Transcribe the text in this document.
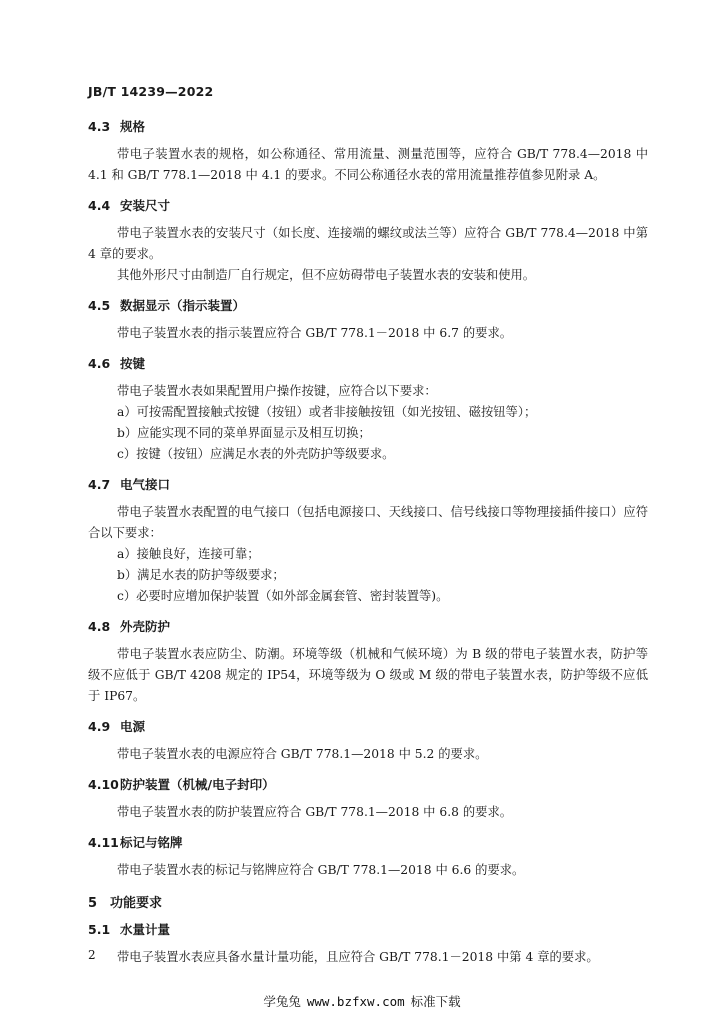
JB/T 14239—2022
4.3 规格

带电子装置水表的规格，如公称通径、常用流量、测量范围等，应符合 GB/T 778.4—2018 中 4.1 和 GB/T 778.1—2018 中 4.1 的要求。不同公称通径水表的常用流量推荐值参见附录 A。

4.4 安装尺寸

带电子装置水表的安装尺寸（如长度、连接端的螺纹或法兰等）应符合 GB/T 778.4—2018 中第 4 章的要求。

其他外形尺寸由制造厂自行规定，但不应妨碍带电子装置水表的安装和使用。

4.5 数据显示（指示装置）

带电子装置水表的指示装置应符合 GB/T 778.1－2018 中 6.7 的要求。

4.6 按键

带电子装置水表如果配置用户操作按键，应符合以下要求：

a）可按需配置接触式按键（按钮）或者非接触按钮（如光按钮、磁按钮等）；
b）应能实现不同的菜单界面显示及相互切换；
c）按键（按钮）应满足水表的外壳防护等级要求。
4.7 电气接口

带电子装置水表配置的电气接口（包括电源接口、天线接口、信号线接口等物理接插件接口）应符合以下要求：

a）接触良好，连接可靠；
b）满足水表的防护等级要求；
c）必要时应增加保护装置（如外部金属套管、密封装置等)。
4.8 外壳防护

带电子装置水表应防尘、防潮。环境等级（机械和气候环境）为 B 级的带电子装置水表，防护等级不应低于 GB/T 4208 规定的 IP54，环境等级为 O 级或 M 级的带电子装置水表，防护等级不应低于 IP67。

4.9 电源

带电子装置水表的电源应符合 GB/T 778.1—2018 中 5.2 的要求。

4.10防护装置（机械/电子封印）

带电子装置水表的防护装置应符合 GB/T 778.1—2018 中 6.8 的要求。

4.11标记与铭牌

带电子装置水表的标记与铭牌应符合 GB/T 778.1—2018 中 6.6 的要求。

5 功能要求
5.1 水量计量

带电子装置水表应具备水量计量功能，且应符合 GB/T 778.1－2018 中第 4 章的要求。

2
学兔兔 www.bzfxw.com 标准下载
